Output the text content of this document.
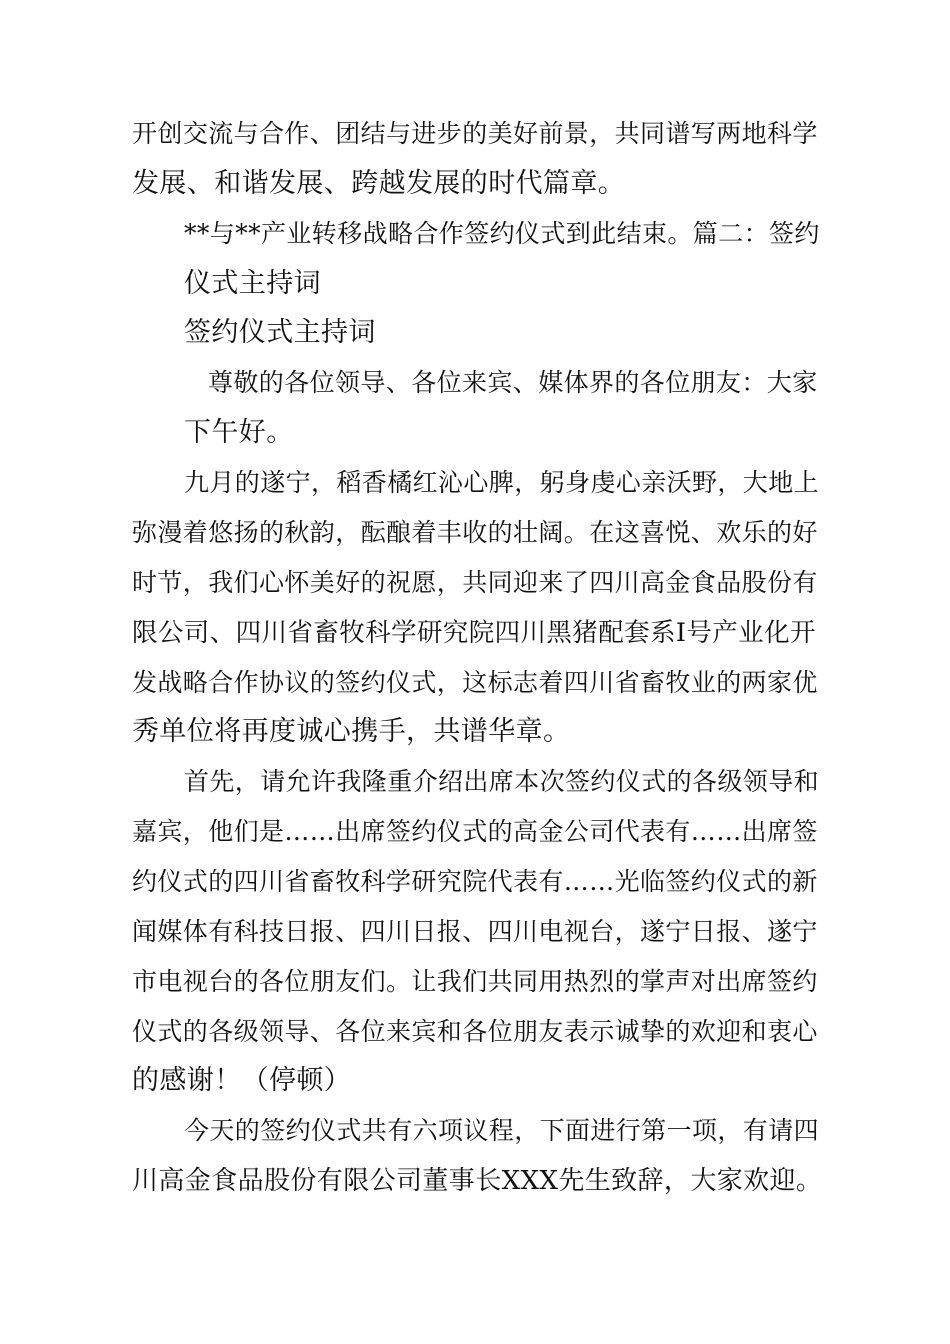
开创交流与合作、团结与进步的美好前景，共同谱写两地科学

发展、和谐发展、跨越发展的时代篇章。

**与**产业转移战略合作签约仪式到此结束。篇二：签约

仪式主持词

签约仪式主持词

尊敬的各位领导、各位来宾、媒体界的各位朋友：大家

下午好。

九月的遂宁，稻香橘红沁心脾，躬身虔心亲沃野，大地上

弥漫着悠扬的秋韵，酝酿着丰收的壮阔。在这喜悦、欢乐的好

时节，我们心怀美好的祝愿，共同迎来了四川高金食品股份有

限公司、四川省畜牧科学研究院四川黑猪配套系Ⅰ号产业化开

发战略合作协议的签约仪式，这标志着四川省畜牧业的两家优

秀单位将再度诚心携手，共谱华章。

首先，请允许我隆重介绍出席本次签约仪式的各级领导和

嘉宾，他们是……出席签约仪式的高金公司代表有……出席签

约仪式的四川省畜牧科学研究院代表有……光临签约仪式的新

闻媒体有科技日报、四川日报、四川电视台，遂宁日报、遂宁

市电视台的各位朋友们。让我们共同用热烈的掌声对出席签约

仪式的各级领导、各位来宾和各位朋友表示诚挚的欢迎和衷心

的感谢！（停顿）

今天的签约仪式共有六项议程，下面进行第一项，有请四

川高金食品股份有限公司董事长XXX先生致辞，大家欢迎。
